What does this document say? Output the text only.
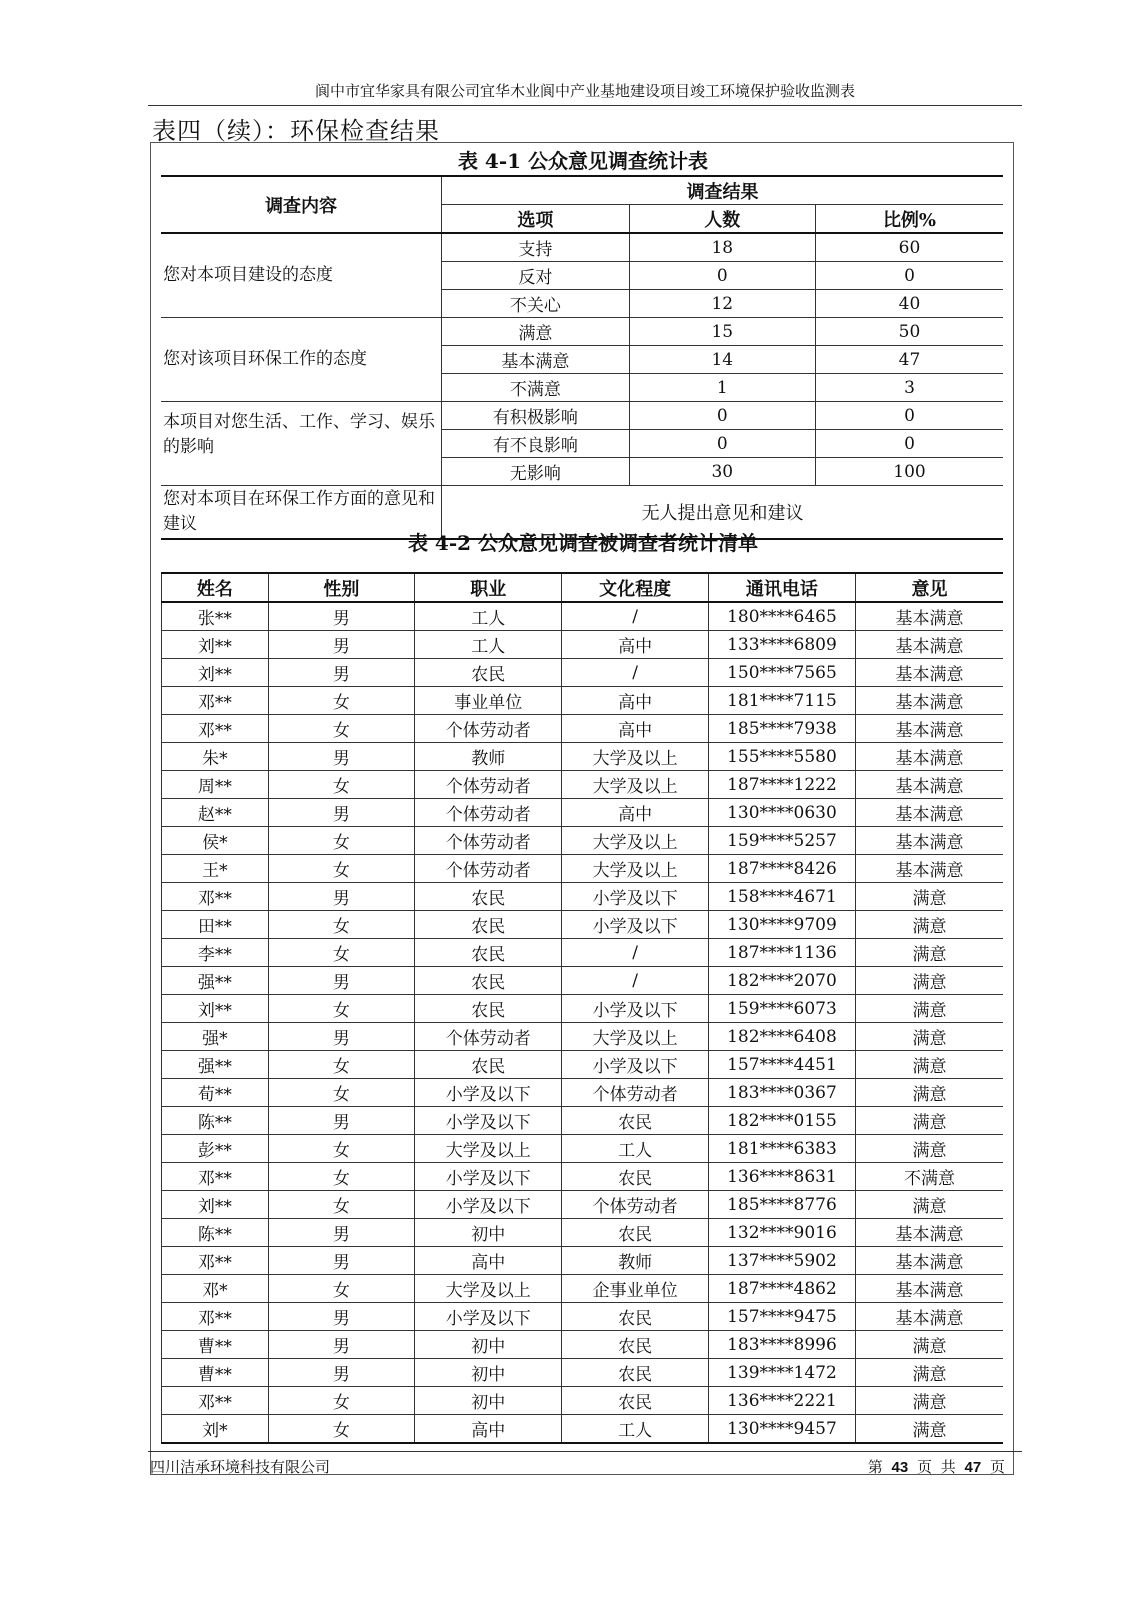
阆中市宜华家具有限公司宜华木业阆中产业基地建设项目竣工环境保护验收监测表
表四（续）：环保检查结果
表 4-1 公众意见调查统计表
调查内容	调查结果		
	选项	人数	比例%
您对本项目建设的态度	支持	18	60
	反对	0	0
	不关心	12	40
您对该项目环保工作的态度	满意	15	50
	基本满意	14	47
	不满意	1	3
本项目对您生活、工作、学习、娱乐的影响	有积极影响	0	0
	有不良影响	0	0
	无影响	30	100
您对本项目在环保工作方面的意见和建议	无人提出意见和建议		
表 4-2 公众意见调查被调查者统计清单
姓名	性别	职业	文化程度	通讯电话	意见
张**	男	工人	/	180****6465	基本满意
刘**	男	工人	高中	133****6809	基本满意
刘**	男	农民	/	150****7565	基本满意
邓**	女	事业单位	高中	181****7115	基本满意
邓**	女	个体劳动者	高中	185****7938	基本满意
朱*	男	教师	大学及以上	155****5580	基本满意
周**	女	个体劳动者	大学及以上	187****1222	基本满意
赵**	男	个体劳动者	高中	130****0630	基本满意
侯*	女	个体劳动者	大学及以上	159****5257	基本满意
王*	女	个体劳动者	大学及以上	187****8426	基本满意
邓**	男	农民	小学及以下	158****4671	满意
田**	女	农民	小学及以下	130****9709	满意
李**	女	农民	/	187****1136	满意
强**	男	农民	/	182****2070	满意
刘**	女	农民	小学及以下	159****6073	满意
强*	男	个体劳动者	大学及以上	182****6408	满意
强**	女	农民	小学及以下	157****4451	满意
荀**	女	小学及以下	个体劳动者	183****0367	满意
陈**	男	小学及以下	农民	182****0155	满意
彭**	女	大学及以上	工人	181****6383	满意
邓**	女	小学及以下	农民	136****8631	不满意
刘**	女	小学及以下	个体劳动者	185****8776	满意
陈**	男	初中	农民	132****9016	基本满意
邓**	男	高中	教师	137****5902	基本满意
邓*	女	大学及以上	企事业单位	187****4862	基本满意
邓**	男	小学及以下	农民	157****9475	基本满意
曹**	男	初中	农民	183****8996	满意
曹**	男	初中	农民	139****1472	满意
邓**	女	初中	农民	136****2221	满意
刘*	女	高中	工人	130****9457	满意
四川洁承环境科技有限公司	第 43 页 共 47 页
